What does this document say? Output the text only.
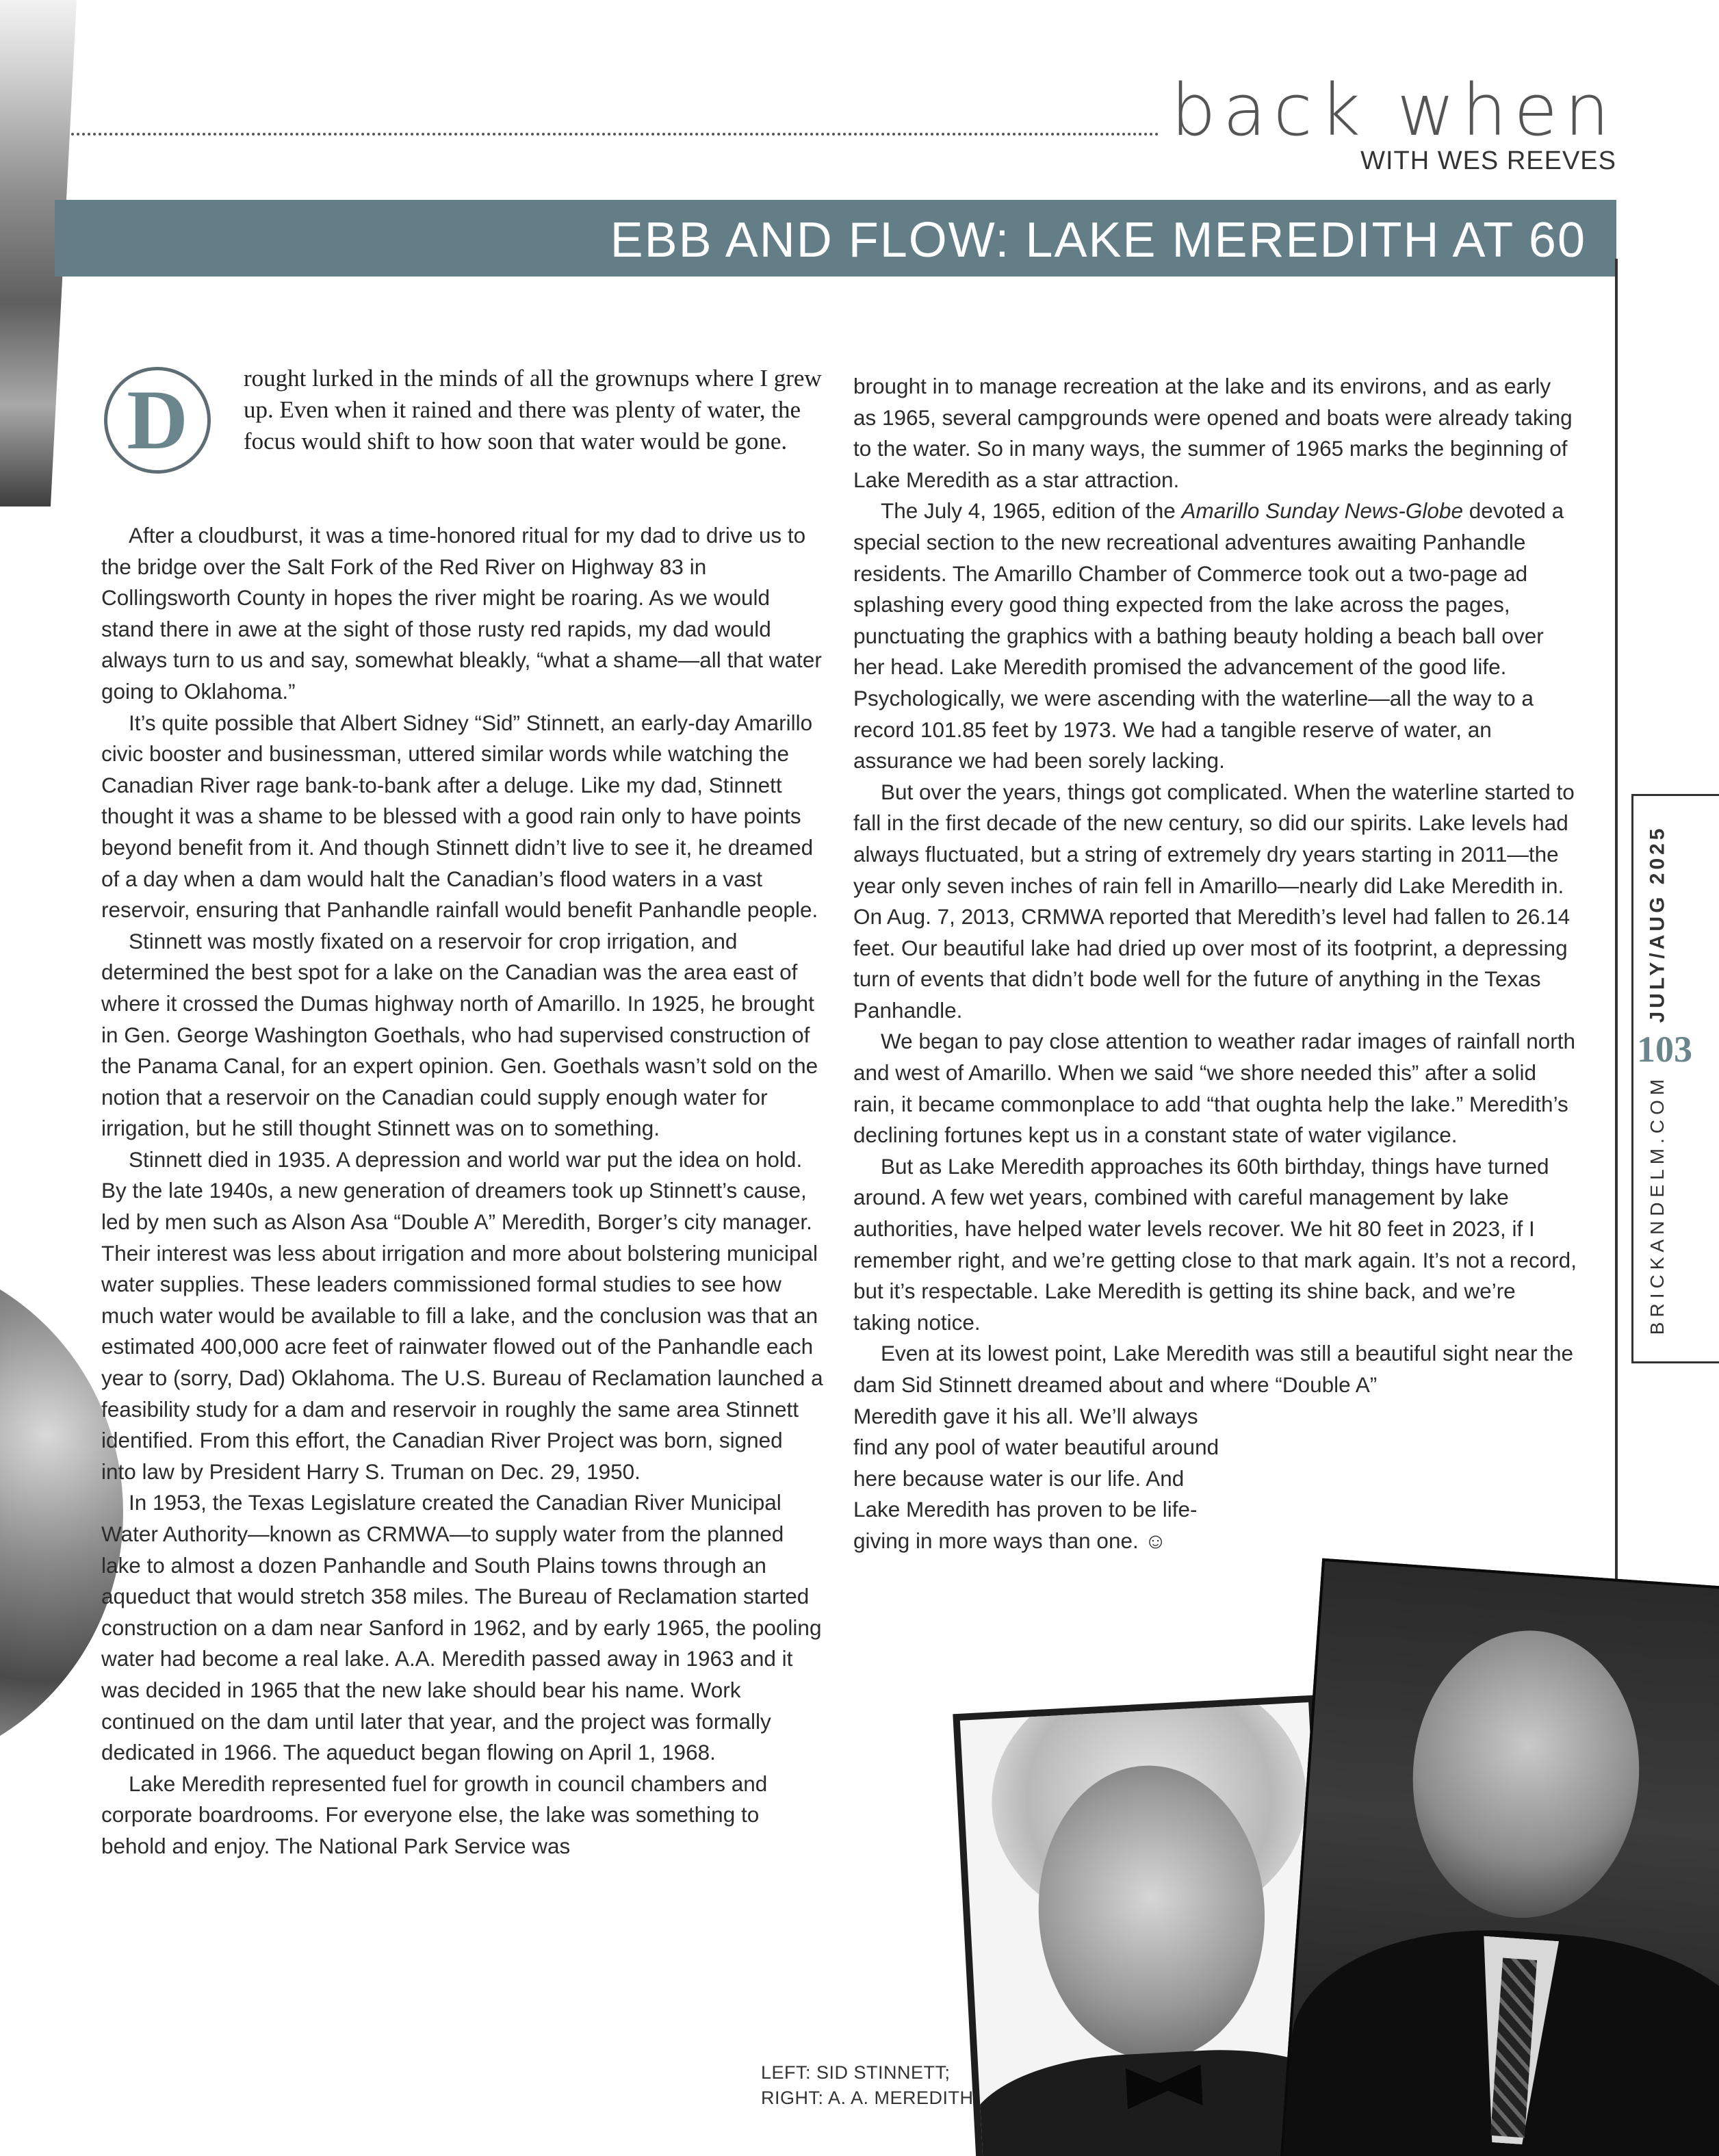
back when
WITH WES REEVES
EBB AND FLOW: LAKE MEREDITH AT 60
D	rought lurked in the minds of all the grownups where I grew up. Even when it rained and there was plenty of water, the focus would shift to how soon that water would be gone.

After a cloudburst, it was a time-honored ritual for my dad to drive us to the bridge over the Salt Fork of the Red River on Highway 83 in Collingsworth County in hopes the river might be roaring. As we would stand there in awe at the sight of those rusty red rapids, my dad would always turn to us and say, somewhat bleakly, “what a shame—all that water going to Oklahoma.”

It’s quite possible that Albert Sidney “Sid” Stinnett, an early-day Amarillo civic booster and businessman, uttered similar words while watching the Canadian River rage bank-to-bank after a deluge. Like my dad, Stinnett thought it was a shame to be blessed with a good rain only to have points beyond benefit from it. And though Stinnett didn’t live to see it, he dreamed of a day when a dam would halt the Canadian’s flood waters in a vast reservoir, ensuring that Panhandle rainfall would benefit Panhandle people.

Stinnett was mostly fixated on a reservoir for crop irrigation, and determined the best spot for a lake on the Canadian was the area east of where it crossed the Dumas highway north of Amarillo. In 1925, he brought in Gen. George Washington Goethals, who had supervised construction of the Panama Canal, for an expert opinion. Gen. Goethals wasn’t sold on the notion that a reservoir on the Canadian could supply enough water for irrigation, but he still thought Stinnett was on to something.

Stinnett died in 1935. A depression and world war put the idea on hold. By the late 1940s, a new generation of dreamers took up Stinnett’s cause, led by men such as Alson Asa “Double A” Meredith, Borger’s city manager. Their interest was less about irrigation and more about bolstering municipal water supplies. These leaders commissioned formal studies to see how much water would be available to fill a lake, and the conclusion was that an estimated 400,000 acre feet of rainwater flowed out of the Panhandle each year to (sorry, Dad) Oklahoma. The U.S. Bureau of Reclamation launched a feasibility study for a dam and reservoir in roughly the same area Stinnett identified. From this effort, the Canadian River Project was born, signed into law by President Harry S. Truman on Dec. 29, 1950.

In 1953, the Texas Legislature created the Canadian River Municipal Water Authority—known as CRMWA—to supply water from the planned lake to almost a dozen Panhandle and South Plains towns through an aqueduct that would stretch 358 miles. The Bureau of Reclamation started construction on a dam near Sanford in 1962, and by early 1965, the pooling water had become a real lake. A.A. Meredith passed away in 1963 and it was decided in 1965 that the new lake should bear his name. Work continued on the dam until later that year, and the project was formally dedicated in 1966. The aqueduct began flowing on April 1, 1968.

Lake Meredith represented fuel for growth in council chambers and corporate boardrooms. For everyone else, the lake was something to behold and enjoy. The National Park Service was

brought in to manage recreation at the lake and its environs, and as early as 1965, several campgrounds were opened and boats were already taking to the water. So in many ways, the summer of 1965 marks the beginning of Lake Meredith as a star attraction.

The July 4, 1965, edition of the Amarillo Sunday News-Globe devoted a special section to the new recreational adventures awaiting Panhandle residents. The Amarillo Chamber of Commerce took out a two-page ad splashing every good thing expected from the lake across the pages, punctuating the graphics with a bathing beauty holding a beach ball over her head. Lake Meredith promised the advancement of the good life. Psychologically, we were ascending with the waterline—all the way to a record 101.85 feet by 1973. We had a tangible reserve of water, an assurance we had been sorely lacking.

But over the years, things got complicated. When the waterline started to fall in the first decade of the new century, so did our spirits. Lake levels had always fluctuated, but a string of extremely dry years starting in 2011—the year only seven inches of rain fell in Amarillo—nearly did Lake Meredith in. On Aug. 7, 2013, CRMWA reported that Meredith’s level had fallen to 26.14 feet. Our beautiful lake had dried up over most of its footprint, a depressing turn of events that didn’t bode well for the future of anything in the Texas Panhandle.

We began to pay close attention to weather radar images of rainfall north and west of Amarillo. When we said “we shore needed this” after a solid rain, it became commonplace to add “that oughta help the lake.” Meredith’s declining fortunes kept us in a constant state of water vigilance.

But as Lake Meredith approaches its 60th birthday, things have turned around. A few wet years, combined with careful management by lake authorities, have helped water levels recover. We hit 80 feet in 2023, if I remember right, and we’re getting close to that mark again. It’s not a record, but it’s respectable. Lake Meredith is getting its shine back, and we’re taking notice.

Even at its lowest point, Lake Meredith was still a beautiful sight near the dam Sid Stinnett dreamed about and where “Double A”

Meredith gave it his all. We’ll always find any pool of water beautiful around here because water is our life. And Lake Meredith has proven to be life-giving in more ways than one. ☺

JULY/AUG 2025
103
BRICKANDELM.COM
LEFT: SID STINNETT;
RIGHT: A. A. MEREDITH
